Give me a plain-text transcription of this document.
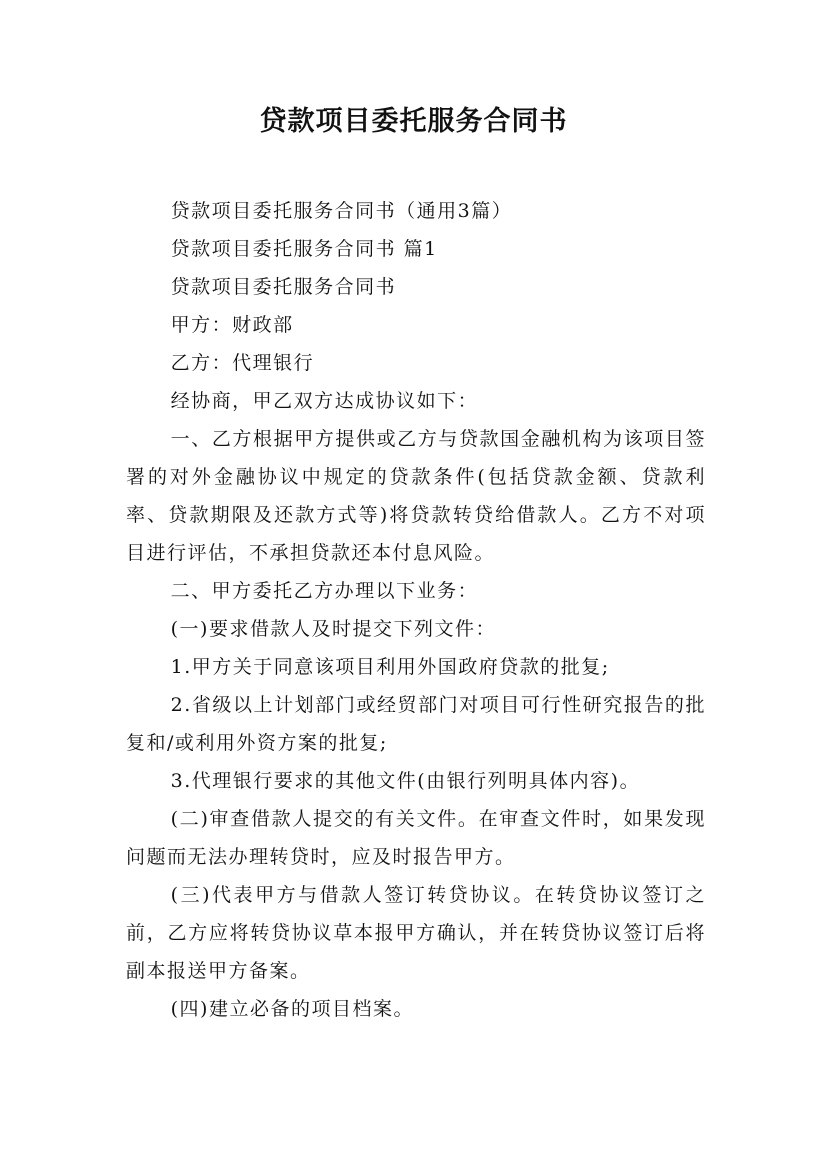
贷款项目委托服务合同书

贷款项目委托服务合同书（通用3篇）

贷款项目委托服务合同书 篇1

贷款项目委托服务合同书

甲方：财政部

乙方：代理银行

经协商，甲乙双方达成协议如下：

一、乙方根据甲方提供或乙方与贷款国金融机构为该项目签署的对外金融协议中规定的贷款条件(包括贷款金额、贷款利率、贷款期限及还款方式等)将贷款转贷给借款人。乙方不对项目进行评估，不承担贷款还本付息风险。

二、甲方委托乙方办理以下业务：

(一)要求借款人及时提交下列文件：

1.甲方关于同意该项目利用外国政府贷款的批复;

2.省级以上计划部门或经贸部门对项目可行性研究报告的批复和/或利用外资方案的批复;

3.代理银行要求的其他文件(由银行列明具体内容)。

(二)审查借款人提交的有关文件。在审查文件时，如果发现问题而无法办理转贷时，应及时报告甲方。

(三)代表甲方与借款人签订转贷协议。在转贷协议签订之前，乙方应将转贷协议草本报甲方确认，并在转贷协议签订后将副本报送甲方备案。

(四)建立必备的项目档案。
